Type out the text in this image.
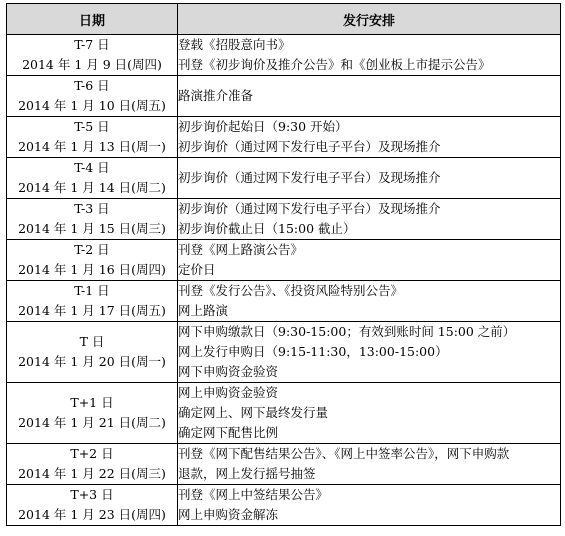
日期	发行安排

T-7 日
2014 年 1 月 9 日(周四)	登载《招股意向书》
刊登《初步询价及推介公告》和《创业板上市提示公告》

T-6 日
2014 年 1 月 10 日(周五)	路演推介准备

T-5 日
2014 年 1 月 13 日(周一)	初步询价起始日（9:30 开始）
初步询价（通过网下发行电子平台）及现场推介

T-4 日
2014 年 1 月 14 日(周二)	初步询价（通过网下发行电子平台）及现场推介

T-3 日
2014 年 1 月 15 日(周三)	初步询价（通过网下发行电子平台）及现场推介
初步询价截止日（15:00 截止）

T-2 日
2014 年 1 月 16 日(周四)	刊登《网上路演公告》
定价日

T-1 日
2014 年 1 月 17 日(周五)	刊登《发行公告》、《投资风险特别公告》
网上路演

T 日
2014 年 1 月 20 日(周一)	网下申购缴款日（9:30-15:00；有效到账时间 15:00 之前）
网上发行申购日（9:15-11:30，13:00-15:00）
网下申购资金验资

T+1 日
2014 年 1 月 21 日(周二)	网上申购资金验资
确定网上、网下最终发行量
确定网下配售比例

T+2 日
2014 年 1 月 22 日(周三)	刊登《网下配售结果公告》、《网上中签率公告》，网下申购款
退款，网上发行摇号抽签

T+3 日
2014 年 1 月 23 日(周四)	刊登《网上中签结果公告》
网上申购资金解冻
